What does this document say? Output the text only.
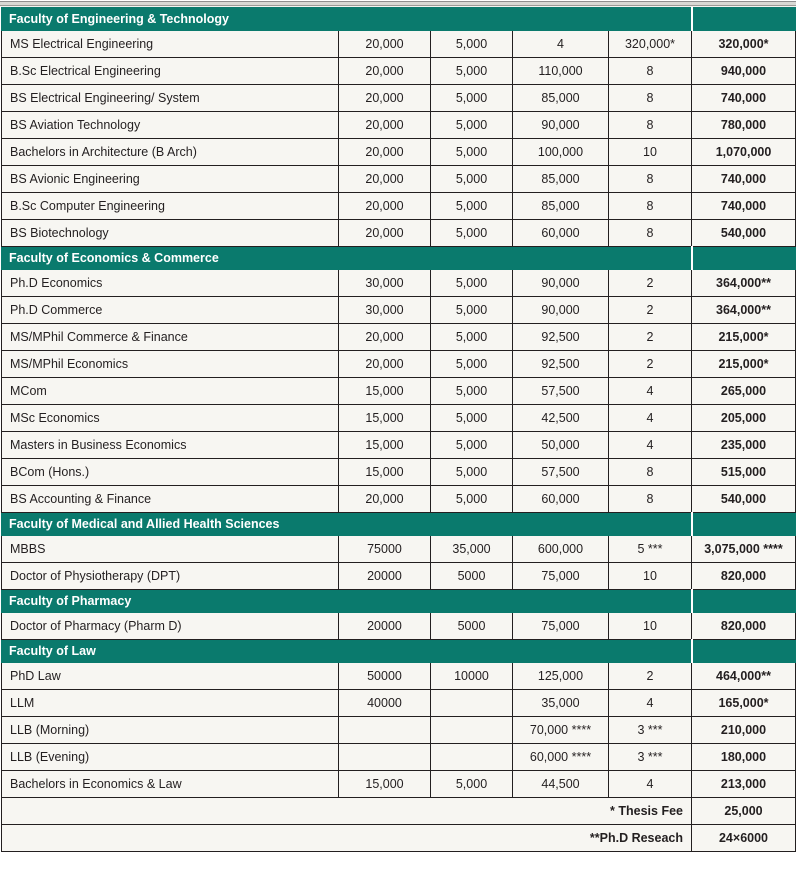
Faculty of Engineering & Technology					
MS Electrical Engineering	20,000	5,000	4	320,000*	320,000*
B.Sc Electrical Engineering	20,000	5,000	110,000	8	940,000
BS Electrical Engineering/ System	20,000	5,000	85,000	8	740,000
BS Aviation Technology	20,000	5,000	90,000	8	780,000
Bachelors in Architecture (B Arch)	20,000	5,000	100,000	10	1,070,000
BS Avionic Engineering	20,000	5,000	85,000	8	740,000
B.Sc Computer Engineering	20,000	5,000	85,000	8	740,000
BS Biotechnology	20,000	5,000	60,000	8	540,000
Faculty of Economics & Commerce					
Ph.D Economics	30,000	5,000	90,000	2	364,000**
Ph.D Commerce	30,000	5,000	90,000	2	364,000**
MS/MPhil Commerce & Finance	20,000	5,000	92,500	2	215,000*
MS/MPhil Economics	20,000	5,000	92,500	2	215,000*
MCom	15,000	5,000	57,500	4	265,000
MSc Economics	15,000	5,000	42,500	4	205,000
Masters in Business Economics	15,000	5,000	50,000	4	235,000
BCom (Hons.)	15,000	5,000	57,500	8	515,000
BS Accounting & Finance	20,000	5,000	60,000	8	540,000
Faculty of Medical and Allied Health Sciences					
MBBS	75000	35,000	600,000	5 ***	3,075,000 ****
Doctor of Physiotherapy (DPT)	20000	5000	75,000	10	820,000
Faculty of Pharmacy					
Doctor of Pharmacy (Pharm D)	20000	5000	75,000	10	820,000
Faculty of Law					
PhD Law	50000	10000	125,000	2	464,000**
LLM	40000		35,000	4	165,000*
LLB (Morning)			70,000 ****	3 ***	210,000
LLB (Evening)			60,000 ****	3 ***	180,000
Bachelors in Economics & Law	15,000	5,000	44,500	4	213,000
* Thesis Fee					25,000
**Ph.D Reseach					24×6000
